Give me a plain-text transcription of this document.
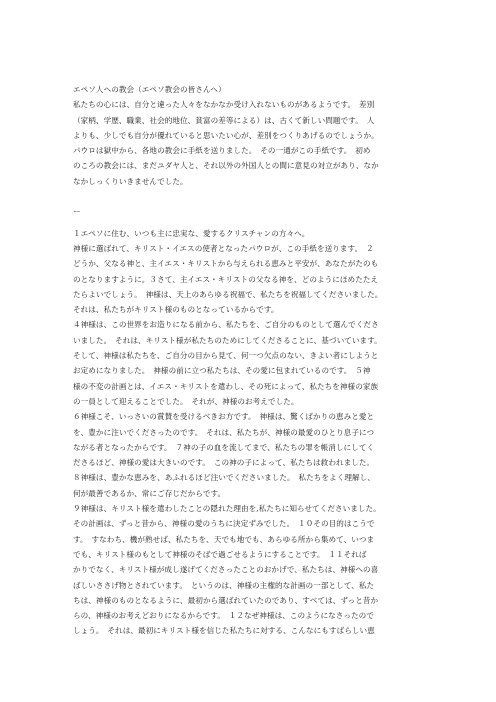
エペソ人への教会（エペソ教会の皆さんへ）
私たちの心には、自分と違った人々をなかなか受け入れないものがあるようです。　差別
（家柄、学歴、職業、社会的地位、貧富の差等による）は、古くて新しい問題です。　人
よりも、少しでも自分が優れていると思いたい心が、差別をつくりあげるのでしょうか。
パウロは獄中から、各地の教会に手紙を送りました。　その一通がこの手紙です。　初め
のころの教会には、まだユダヤ人と、それ以外の外国人との間に意見の対立があり、なか
なかしっくりいきませんでした。
ー
１エペソに住む、いつも主に忠実な、愛するクリスチャンの方々へ。
神様に選ばれて、キリスト・イエスの使者となったパウロが、この手紙を送ります。　２
どうか、父なる神と、主イエス・キリストから与えられる恵みと平安が、あなたがたのも
のとなりますように。３さて、主イエス・キリストの父なる神を、どのようにほめたたえ
たらよいでしょう。　神様は、天上のあらゆる祝福で、私たちを祝福してくださいました。
それは、私たちがキリスト様のものとなっているからです。
４神様は、この世界をお造りになる前から、私たちを、ご自分のものとして選んでくださ
いました。　それは、キリスト様が私たちのためにしてくださることに、基づいています。
そして、神様は私たちを、ご自分の目から見て、何一つ欠点のない、きよい者にしようと
お定めになりました。　神様の前に立つ私たちは、その愛に包まれているのです。　５神
様の不変の計画とは、イエス・キリストを遣わし、その死によって、私たちを神様の家族
の一員として迎えることでした。　それが、神様のお考えでした。
６神様こそ、いっさいの賞賛を受けるべきお方です。　神様は、驚くばかりの恵みと愛と
を、豊かに注いでくださったのです。　それは、私たちが、神様の最愛のひとり息子につ
ながる者となったからです。　７神の子の血を流してまで、私たちの罪を帳消しにしてく
ださるほど、神様の愛は大きいのです。　この神の子によって、私たちは救われました。
８神様は、豊かな恵みを、あふれるほど注いでくださいました。　私たちをよく理解し、
何が最善であるか、常にご存じだからです。
９神様は、キリスト様を遣わしたことの隠れた理由を,私たちに知らせてくださいました。
その計画は、ずっと昔から、神様の愛のうちに決定ずみでした。　１０その目的はこうで
す。　すなわち、機が熟せば、私たちを、天でも地でも、あらゆる所から集めて、いつま
でも、キリスト様のもとして神様のそばで過ごせるようにすることです。　１１それば
かりでなく、キリスト様が成し遂げてくださったことのおかげで、私たちは、神様への喜
ばしいささげ物とされています。　というのは、神様の主権的な計画の一部として、私た
ちは、神様のものとなるように、最初から選ばれていたのであり、すべては、ずっと昔か
らの、神様のお考えどおりになるからです。　１２なぜ神様は、このようになさったので
しょう。　それは、最初にキリスト様を信じた私たちに対する、こんなにもすばらしい恵
